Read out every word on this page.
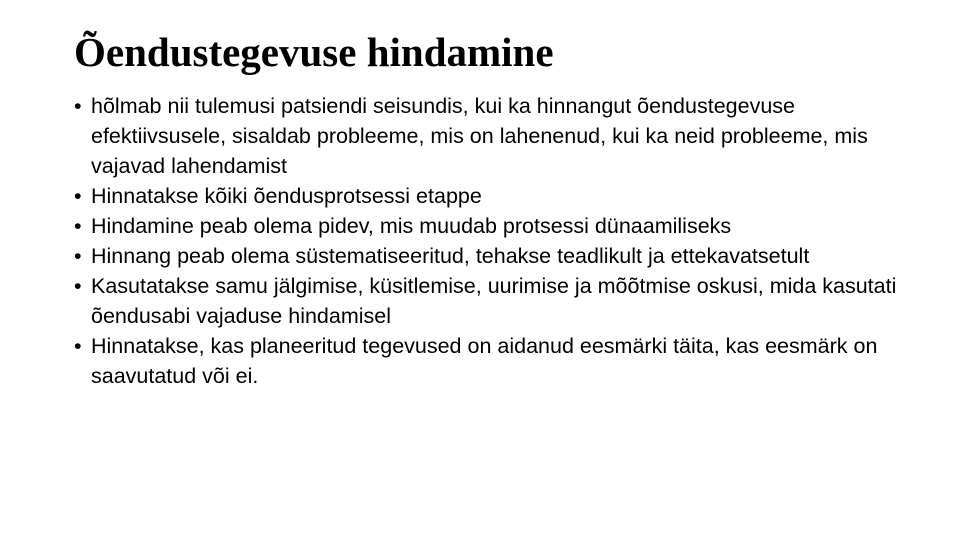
Õendustegevuse hindamine
• hõlmab nii tulemusi patsiendi seisundis, kui ka hinnangut õendustegevuse efektiivsusele, sisaldab probleeme, mis on lahenenud, kui ka neid probleeme, mis vajavad lahendamist
• Hinnatakse kõiki õendusprotsessi etappe
• Hindamine peab olema pidev, mis muudab protsessi dünaamiliseks
• Hinnang peab olema süstematiseeritud, tehakse teadlikult ja ettekavatsetult
• Kasutatakse samu jälgimise, küsitlemise, uurimise ja mõõtmise oskusi, mida kasutati õendusabi vajaduse hindamisel
• Hinnatakse, kas planeeritud tegevused on aidanud eesmärki täita, kas eesmärk on saavutatud või ei.
